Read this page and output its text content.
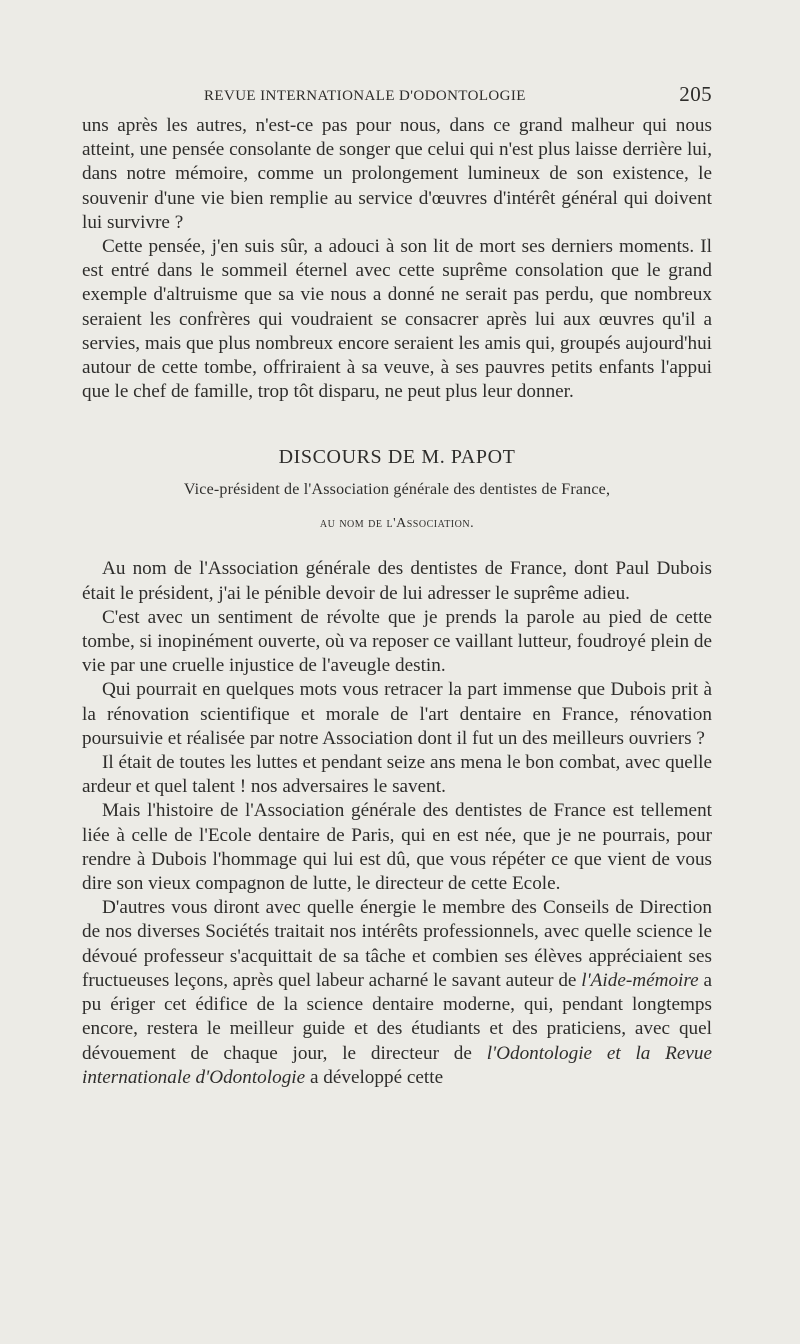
REVUE INTERNATIONALE D'ODONTOLOGIE	205

uns après les autres, n'est-ce pas pour nous, dans ce grand malheur qui nous atteint, une pensée consolante de songer que celui qui n'est plus laisse derrière lui, dans notre mémoire, comme un prolongement lumineux de son existence, le souvenir d'une vie bien remplie au service d'œuvres d'intérêt général qui doivent lui survivre ?

Cette pensée, j'en suis sûr, a adouci à son lit de mort ses derniers moments. Il est entré dans le sommeil éternel avec cette suprême consolation que le grand exemple d'altruisme que sa vie nous a donné ne serait pas perdu, que nombreux seraient les confrères qui voudraient se consacrer après lui aux œuvres qu'il a servies, mais que plus nombreux encore seraient les amis qui, groupés aujourd'hui autour de cette tombe, offriraient à sa veuve, à ses pauvres petits enfants l'appui que le chef de famille, trop tôt disparu, ne peut plus leur donner.

DISCOURS DE M. PAPOT
Vice-président de l'Association générale des dentistes de France,
au nom de l'Association.

Au nom de l'Association générale des dentistes de France, dont Paul Dubois était le président, j'ai le pénible devoir de lui adresser le suprême adieu.

C'est avec un sentiment de révolte que je prends la parole au pied de cette tombe, si inopinément ouverte, où va reposer ce vaillant lutteur, foudroyé plein de vie par une cruelle injustice de l'aveugle destin.

Qui pourrait en quelques mots vous retracer la part immense que Dubois prit à la rénovation scientifique et morale de l'art dentaire en France, rénovation poursuivie et réalisée par notre Association dont il fut un des meilleurs ouvriers ?

Il était de toutes les luttes et pendant seize ans mena le bon combat, avec quelle ardeur et quel talent ! nos adversaires le savent.

Mais l'histoire de l'Association générale des dentistes de France est tellement liée à celle de l'Ecole dentaire de Paris, qui en est née, que je ne pourrais, pour rendre à Dubois l'hommage qui lui est dû, que vous répéter ce que vient de vous dire son vieux compagnon de lutte, le directeur de cette Ecole.

D'autres vous diront avec quelle énergie le membre des Conseils de Direction de nos diverses Sociétés traitait nos intérêts professionnels, avec quelle science le dévoué professeur s'acquittait de sa tâche et combien ses élèves appréciaient ses fructueuses leçons, après quel labeur acharné le savant auteur de l'Aide-mémoire a pu ériger cet édifice de la science dentaire moderne, qui, pendant longtemps encore, restera le meilleur guide et des étudiants et des praticiens, avec quel dévouement de chaque jour, le directeur de l'Odontologie et la Revue internationale d'Odontologie a développé cette
